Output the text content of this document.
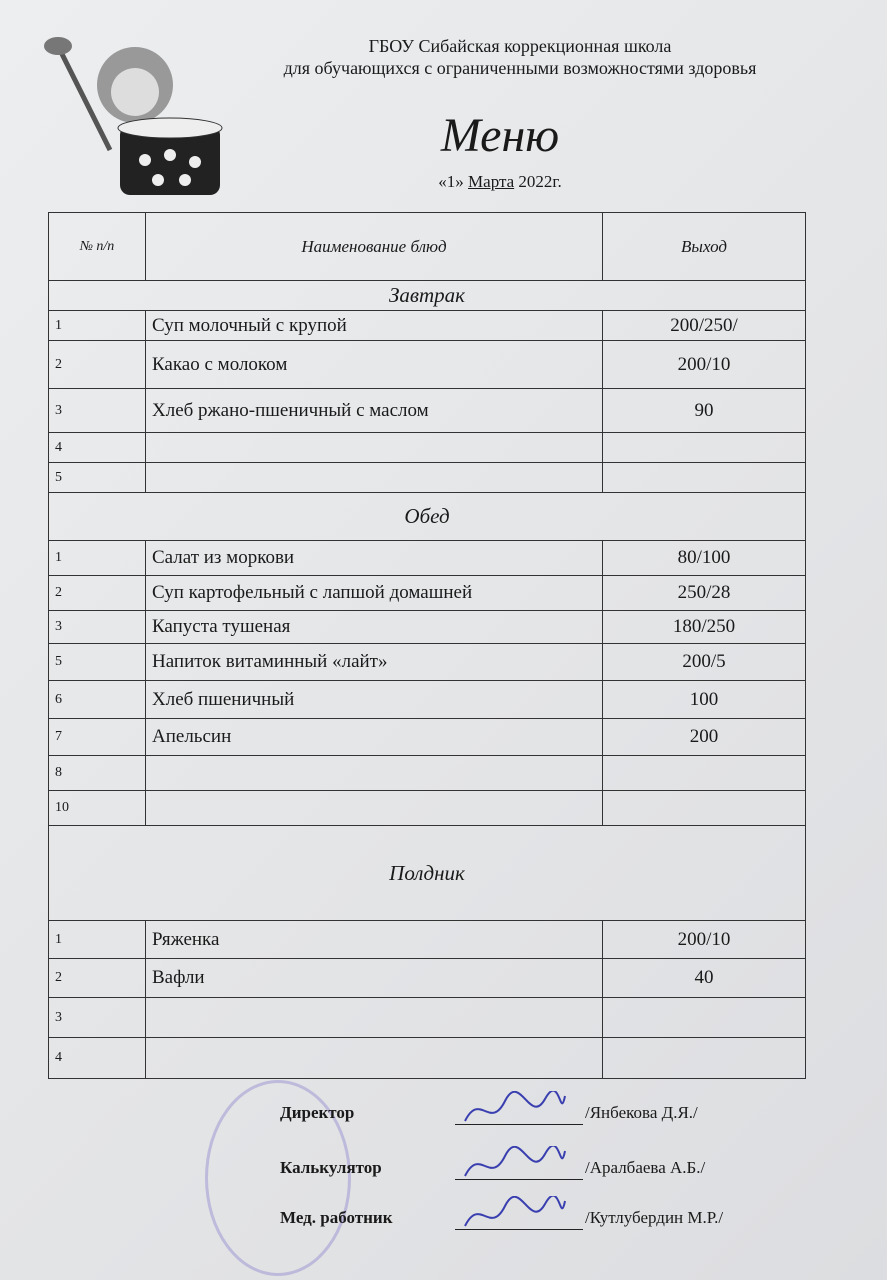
ГБОУ Сибайская коррекционная школа
для обучающихся с ограниченными возможностями здоровья
Меню
«1» Марта 2022г.
№ п/п	Наименование блюд	Выход
Завтрак		
1	Суп молочный с крупой	200/250/
2	Какао с молоком	200/10
3	Хлеб ржано-пшеничный с маслом	90
4		
5		
Обед		
1	Салат из моркови	80/100
2	Суп картофельный с лапшой домашней	250/28
3	Капуста тушеная	180/250
5	Напиток витаминный «лайт»	200/5
6	Хлеб пшеничный	100
7	Апельсин	200
8		
10		
Полдник		
1	Ряженка	200/10
2	Вафли	40
3		
4		
Директор	/Янбекова Д.Я./
Калькулятор	/Аралбаева А.Б./
Мед. работник	/Кутлубердин М.Р./
